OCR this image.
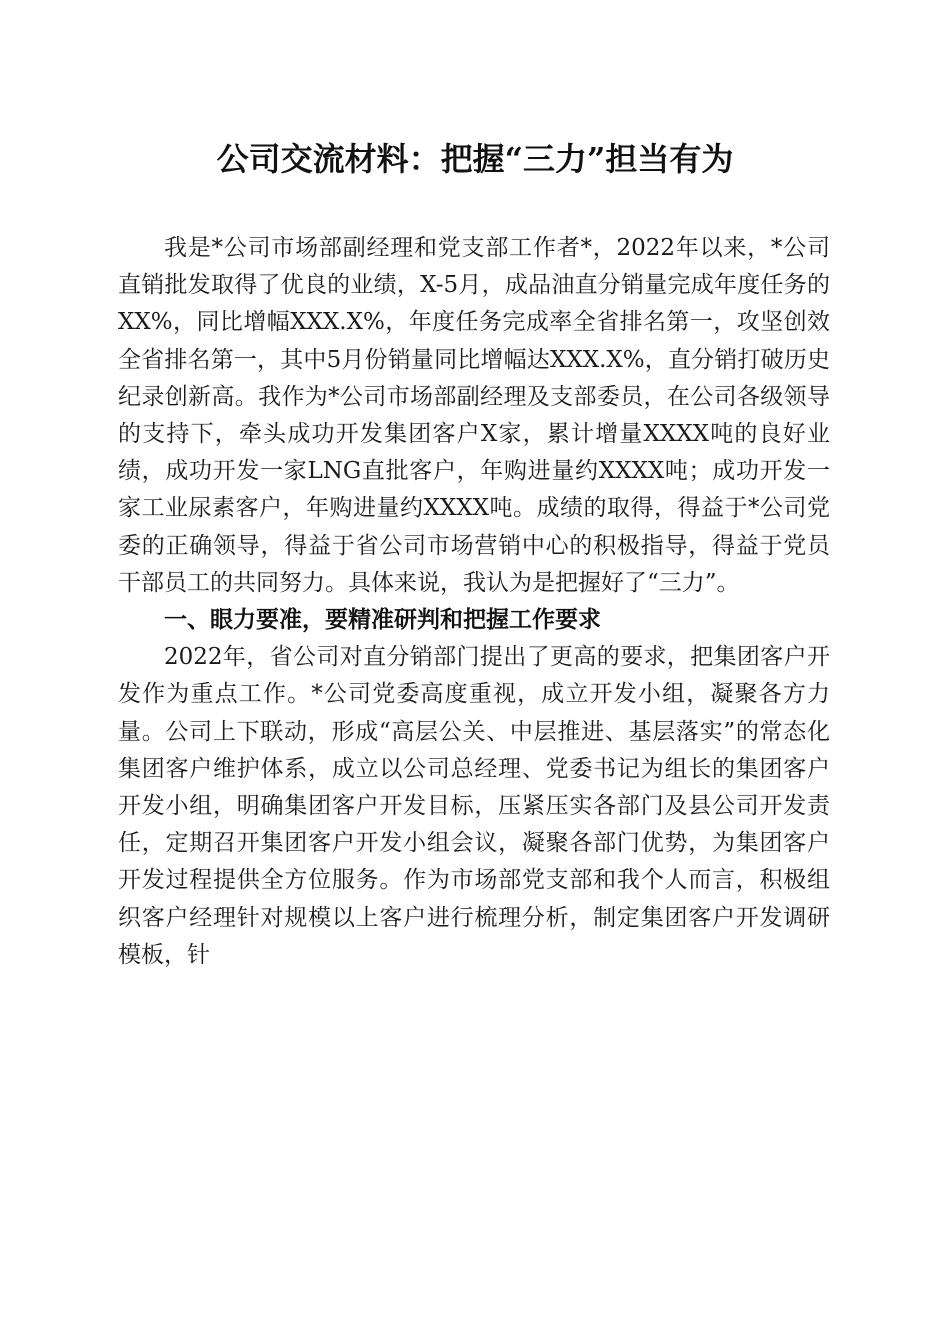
公司交流材料：把握“三力”担当有为

我是*公司市场部副经理和党支部工作者*，2022年以来，*公司直销批发取得了优良的业绩，X-5月，成品油直分销量完成年度任务的XX%，同比增幅XXX.X%，年度任务完成率全省排名第一，攻坚创效全省排名第一，其中5月份销量同比增幅达XXX.X%，直分销打破历史纪录创新高。我作为*公司市场部副经理及支部委员，在公司各级领导的支持下，牵头成功开发集团客户X家，累计增量XXXX吨的良好业绩，成功开发一家LNG直批客户，年购进量约XXXX吨；成功开发一家工业尿素客户，年购进量约XXXX吨。成绩的取得，得益于*公司党委的正确领导，得益于省公司市场营销中心的积极指导，得益于党员干部员工的共同努力。具体来说，我认为是把握好了“三力”。

一、眼力要准，要精准研判和把握工作要求

2022年，省公司对直分销部门提出了更高的要求，把集团客户开发作为重点工作。*公司党委高度重视，成立开发小组，凝聚各方力量。公司上下联动，形成“高层公关、中层推进、基层落实”的常态化集团客户维护体系，成立以公司总经理、党委书记为组长的集团客户开发小组，明确集团客户开发目标，压紧压实各部门及县公司开发责任，定期召开集团客户开发小组会议，凝聚各部门优势，为集团客户开发过程提供全方位服务。作为市场部党支部和我个人而言，积极组织客户经理针对规模以上客户进行梳理分析，制定集团客户开发调研模板，针
